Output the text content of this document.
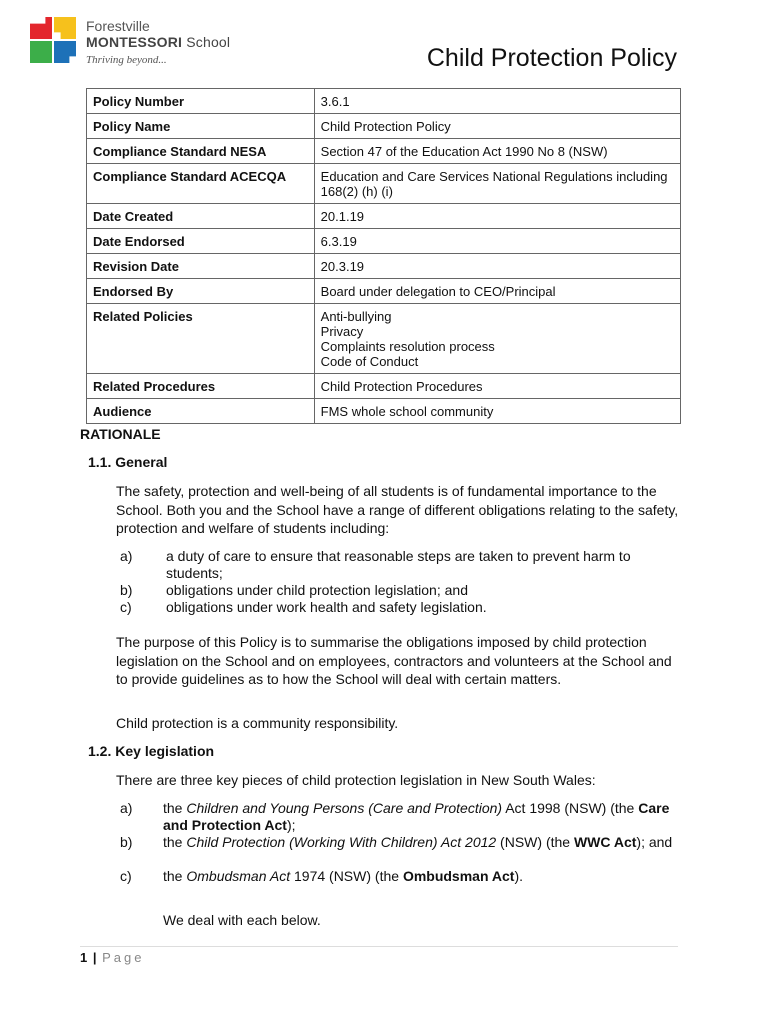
Forestville
MONTESSORI School
Thriving beyond...	Child Protection Policy
Policy Number	3.6.1
Policy Name	Child Protection Policy
Compliance Standard NESA	Section 47 of the Education Act 1990 No 8 (NSW)
Compliance Standard ACECQA	Education and Care Services National Regulations including 168(2) (h) (i)
Date Created	20.1.19
Date Endorsed	6.3.19
Revision Date	20.3.19
Endorsed By	Board under delegation to CEO/Principal
Related Policies	Anti-bullying
Privacy
Complaints resolution process
Code of Conduct
Related Procedures	Child Protection Procedures
Audience	FMS whole school community
RATIONALE
1.1. General
The safety, protection and well-being of all students is of fundamental importance to the School. Both you and the School have a range of different obligations relating to the safety, protection and welfare of students including:
a) a duty of care to ensure that reasonable steps are taken to prevent harm to students;
b) obligations under child protection legislation; and
c) obligations under work health and safety legislation.
The purpose of this Policy is to summarise the obligations imposed by child protection legislation on the School and on employees, contractors and volunteers at the School and to provide guidelines as to how the School will deal with certain matters.
Child protection is a community responsibility.
1.2. Key legislation
There are three key pieces of child protection legislation in New South Wales:
a) the Children and Young Persons (Care and Protection) Act 1998 (NSW) (the Care and Protection Act);
b) the Child Protection (Working With Children) Act 2012 (NSW) (the WWC Act); and
c) the Ombudsman Act 1974 (NSW) (the Ombudsman Act).
We deal with each below.
1 | Page
